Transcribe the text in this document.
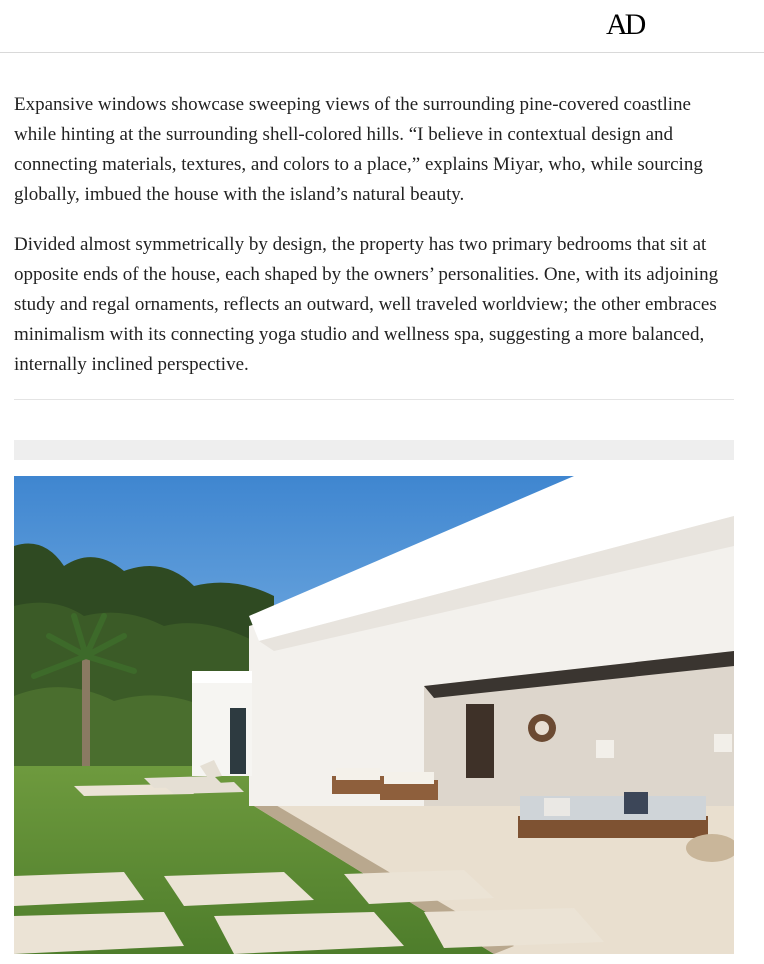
AD

Expansive windows showcase sweeping views of the surrounding pine-covered coastline while hinting at the surrounding shell-colored hills. “I believe in contextual design and connecting materials, textures, and colors to a place,” explains Miyar, who, while sourcing globally, imbued the house with the island’s natural beauty.

Divided almost symmetrically by design, the property has two primary bedrooms that sit at opposite ends of the house, each shaped by the owners’ personalities. One, with its adjoining study and regal ornaments, reflects an outward, well traveled worldview; the other embraces minimalism with its connecting yoga studio and wellness spa, suggesting a more balanced, internally inclined perspective.
